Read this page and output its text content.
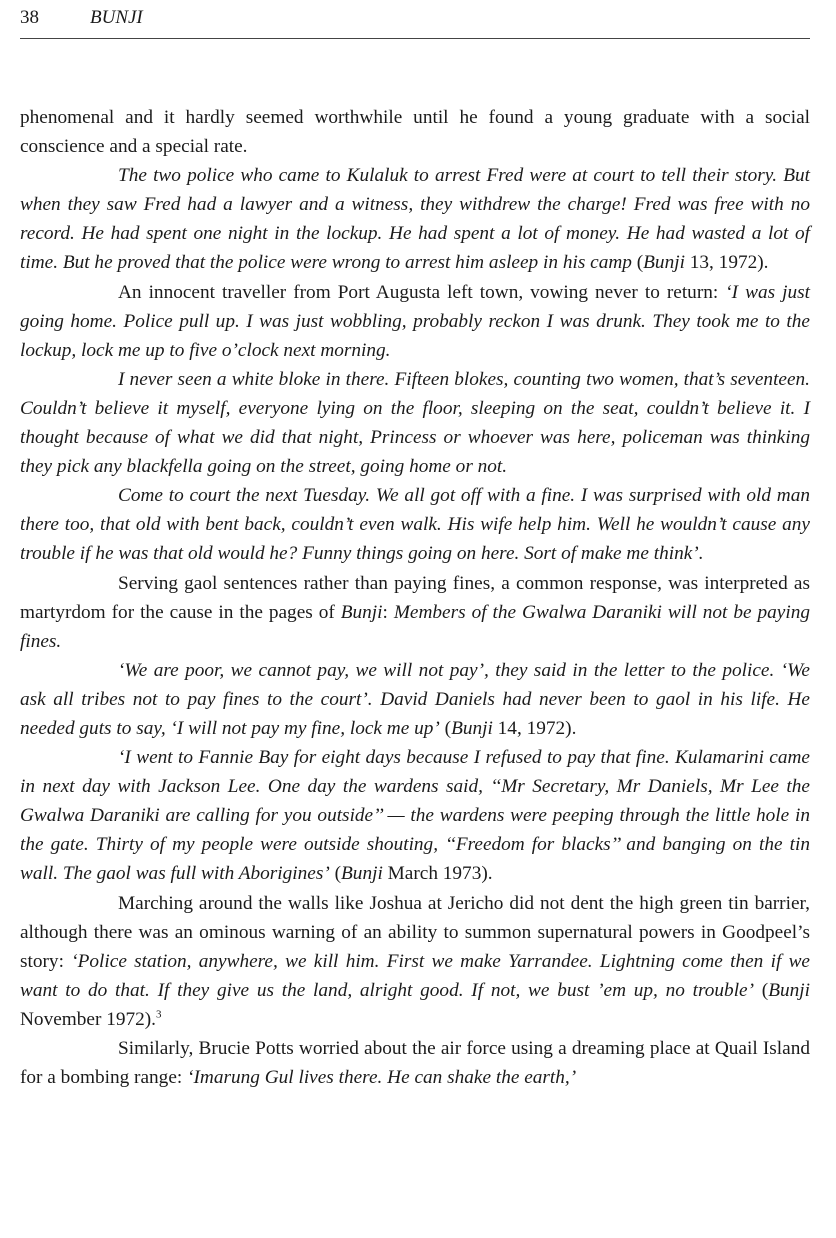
38	BUNJI

phenomenal and it hardly seemed worthwhile until he found a young graduate with a social conscience and a special rate.

The two police who came to Kulaluk to arrest Fred were at court to tell their story. But when they saw Fred had a lawyer and a witness, they withdrew the charge! Fred was free with no record. He had spent one night in the lockup. He had spent a lot of money. He had wasted a lot of time. But he proved that the police were wrong to arrest him asleep in his camp (Bunji 13, 1972).

An innocent traveller from Port Augusta left town, vowing never to return: ‘I was just going home. Police pull up. I was just wobbling, probably reckon I was drunk. They took me to the lockup, lock me up to five o’clock next morning.

I never seen a white bloke in there. Fifteen blokes, counting two women, that’s seventeen. Couldn’t believe it myself, everyone lying on the floor, sleeping on the seat, couldn’t believe it. I thought because of what we did that night, Princess or whoever was here, policeman was thinking they pick any blackfella going on the street, going home or not.

Come to court the next Tuesday. We all got off with a fine. I was surprised with old man there too, that old with bent back, couldn’t even walk. His wife help him. Well he wouldn’t cause any trouble if he was that old would he? Funny things going on here. Sort of make me think’.

Serving gaol sentences rather than paying fines, a common response, was interpreted as martyrdom for the cause in the pages of Bunji: Members of the Gwalwa Daraniki will not be paying fines.

‘We are poor, we cannot pay, we will not pay’, they said in the letter to the police. ‘We ask all tribes not to pay fines to the court’. David Daniels had never been to gaol in his life. He needed guts to say, ‘I will not pay my fine, lock me up’ (Bunji 14, 1972).

‘I went to Fannie Bay for eight days because I refused to pay that fine. Kulamarini came in next day with Jackson Lee. One day the wardens said, ‘‘Mr Secretary, Mr Daniels, Mr Lee the Gwalwa Daraniki are calling for you outside’’ — the wardens were peeping through the little hole in the gate. Thirty of my people were outside shouting, ‘‘Freedom for blacks’’ and banging on the tin wall. The gaol was full with Aborigines’ (Bunji March 1973).

Marching around the walls like Joshua at Jericho did not dent the high green tin barrier, although there was an ominous warning of an ability to summon supernatural powers in Goodpeel’s story: ‘Police station, anywhere, we kill him. First we make Yarrandee. Lightning come then if we want to do that. If they give us the land, alright good. If not, we bust ’em up, no trouble’ (Bunji November 1972).$^3$

Similarly, Brucie Potts worried about the air force using a dreaming place at Quail Island for a bombing range: ‘Imarung Gul lives there. He can shake the earth,’
